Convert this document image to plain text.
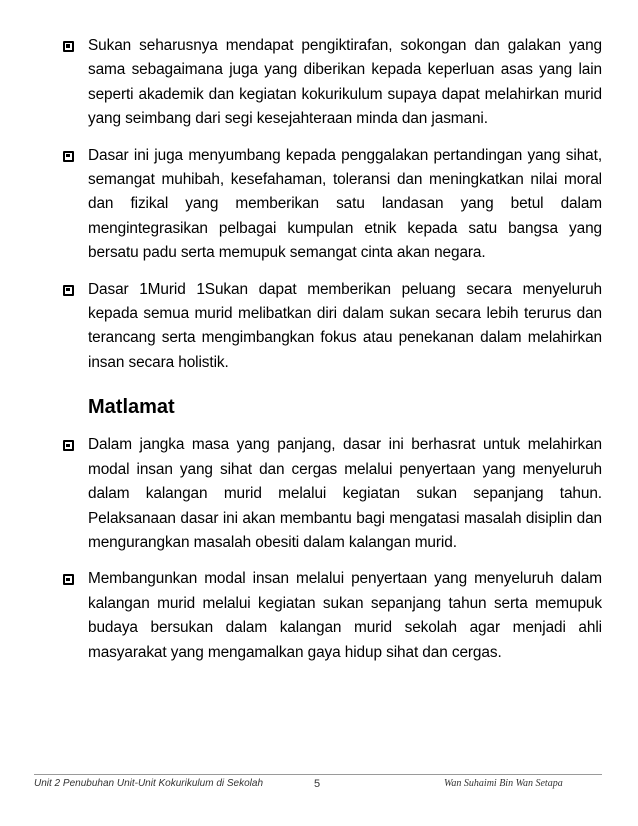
Sukan seharusnya mendapat pengiktirafan, sokongan dan galakan yang sama sebagaimana juga yang diberikan kepada keperluan asas yang lain seperti akademik dan kegiatan kokurikulum supaya dapat melahirkan murid yang seimbang dari segi kesejahteraan minda dan jasmani.
Dasar ini juga menyumbang kepada penggalakan pertandingan yang sihat, semangat muhibah, kesefahaman, toleransi dan meningkatkan nilai moral dan fizikal yang memberikan satu landasan yang betul dalam mengintegrasikan pelbagai kumpulan etnik kepada satu bangsa yang bersatu padu serta memupuk semangat cinta akan negara.
Dasar 1Murid 1Sukan dapat memberikan peluang secara menyeluruh kepada semua murid melibatkan diri dalam sukan secara lebih terurus dan terancang serta mengimbangkan fokus atau penekanan dalam melahirkan insan secara holistik.
Matlamat
Dalam jangka masa yang panjang, dasar ini berhasrat untuk melahirkan modal insan yang sihat dan cergas melalui penyertaan yang menyeluruh dalam kalangan murid melalui kegiatan sukan sepanjang tahun. Pelaksanaan dasar ini akan membantu bagi mengatasi masalah disiplin dan mengurangkan masalah obesiti dalam kalangan murid.
Membangunkan modal insan melalui penyertaan yang menyeluruh dalam kalangan murid melalui kegiatan sukan sepanjang tahun serta memupuk budaya bersukan dalam kalangan murid sekolah agar menjadi ahli masyarakat yang mengamalkan gaya hidup sihat dan cergas.
Unit 2 Penubuhan Unit-Unit Kokurikulum di Sekolah	5	Wan Suhaimi Bin Wan Setapa
